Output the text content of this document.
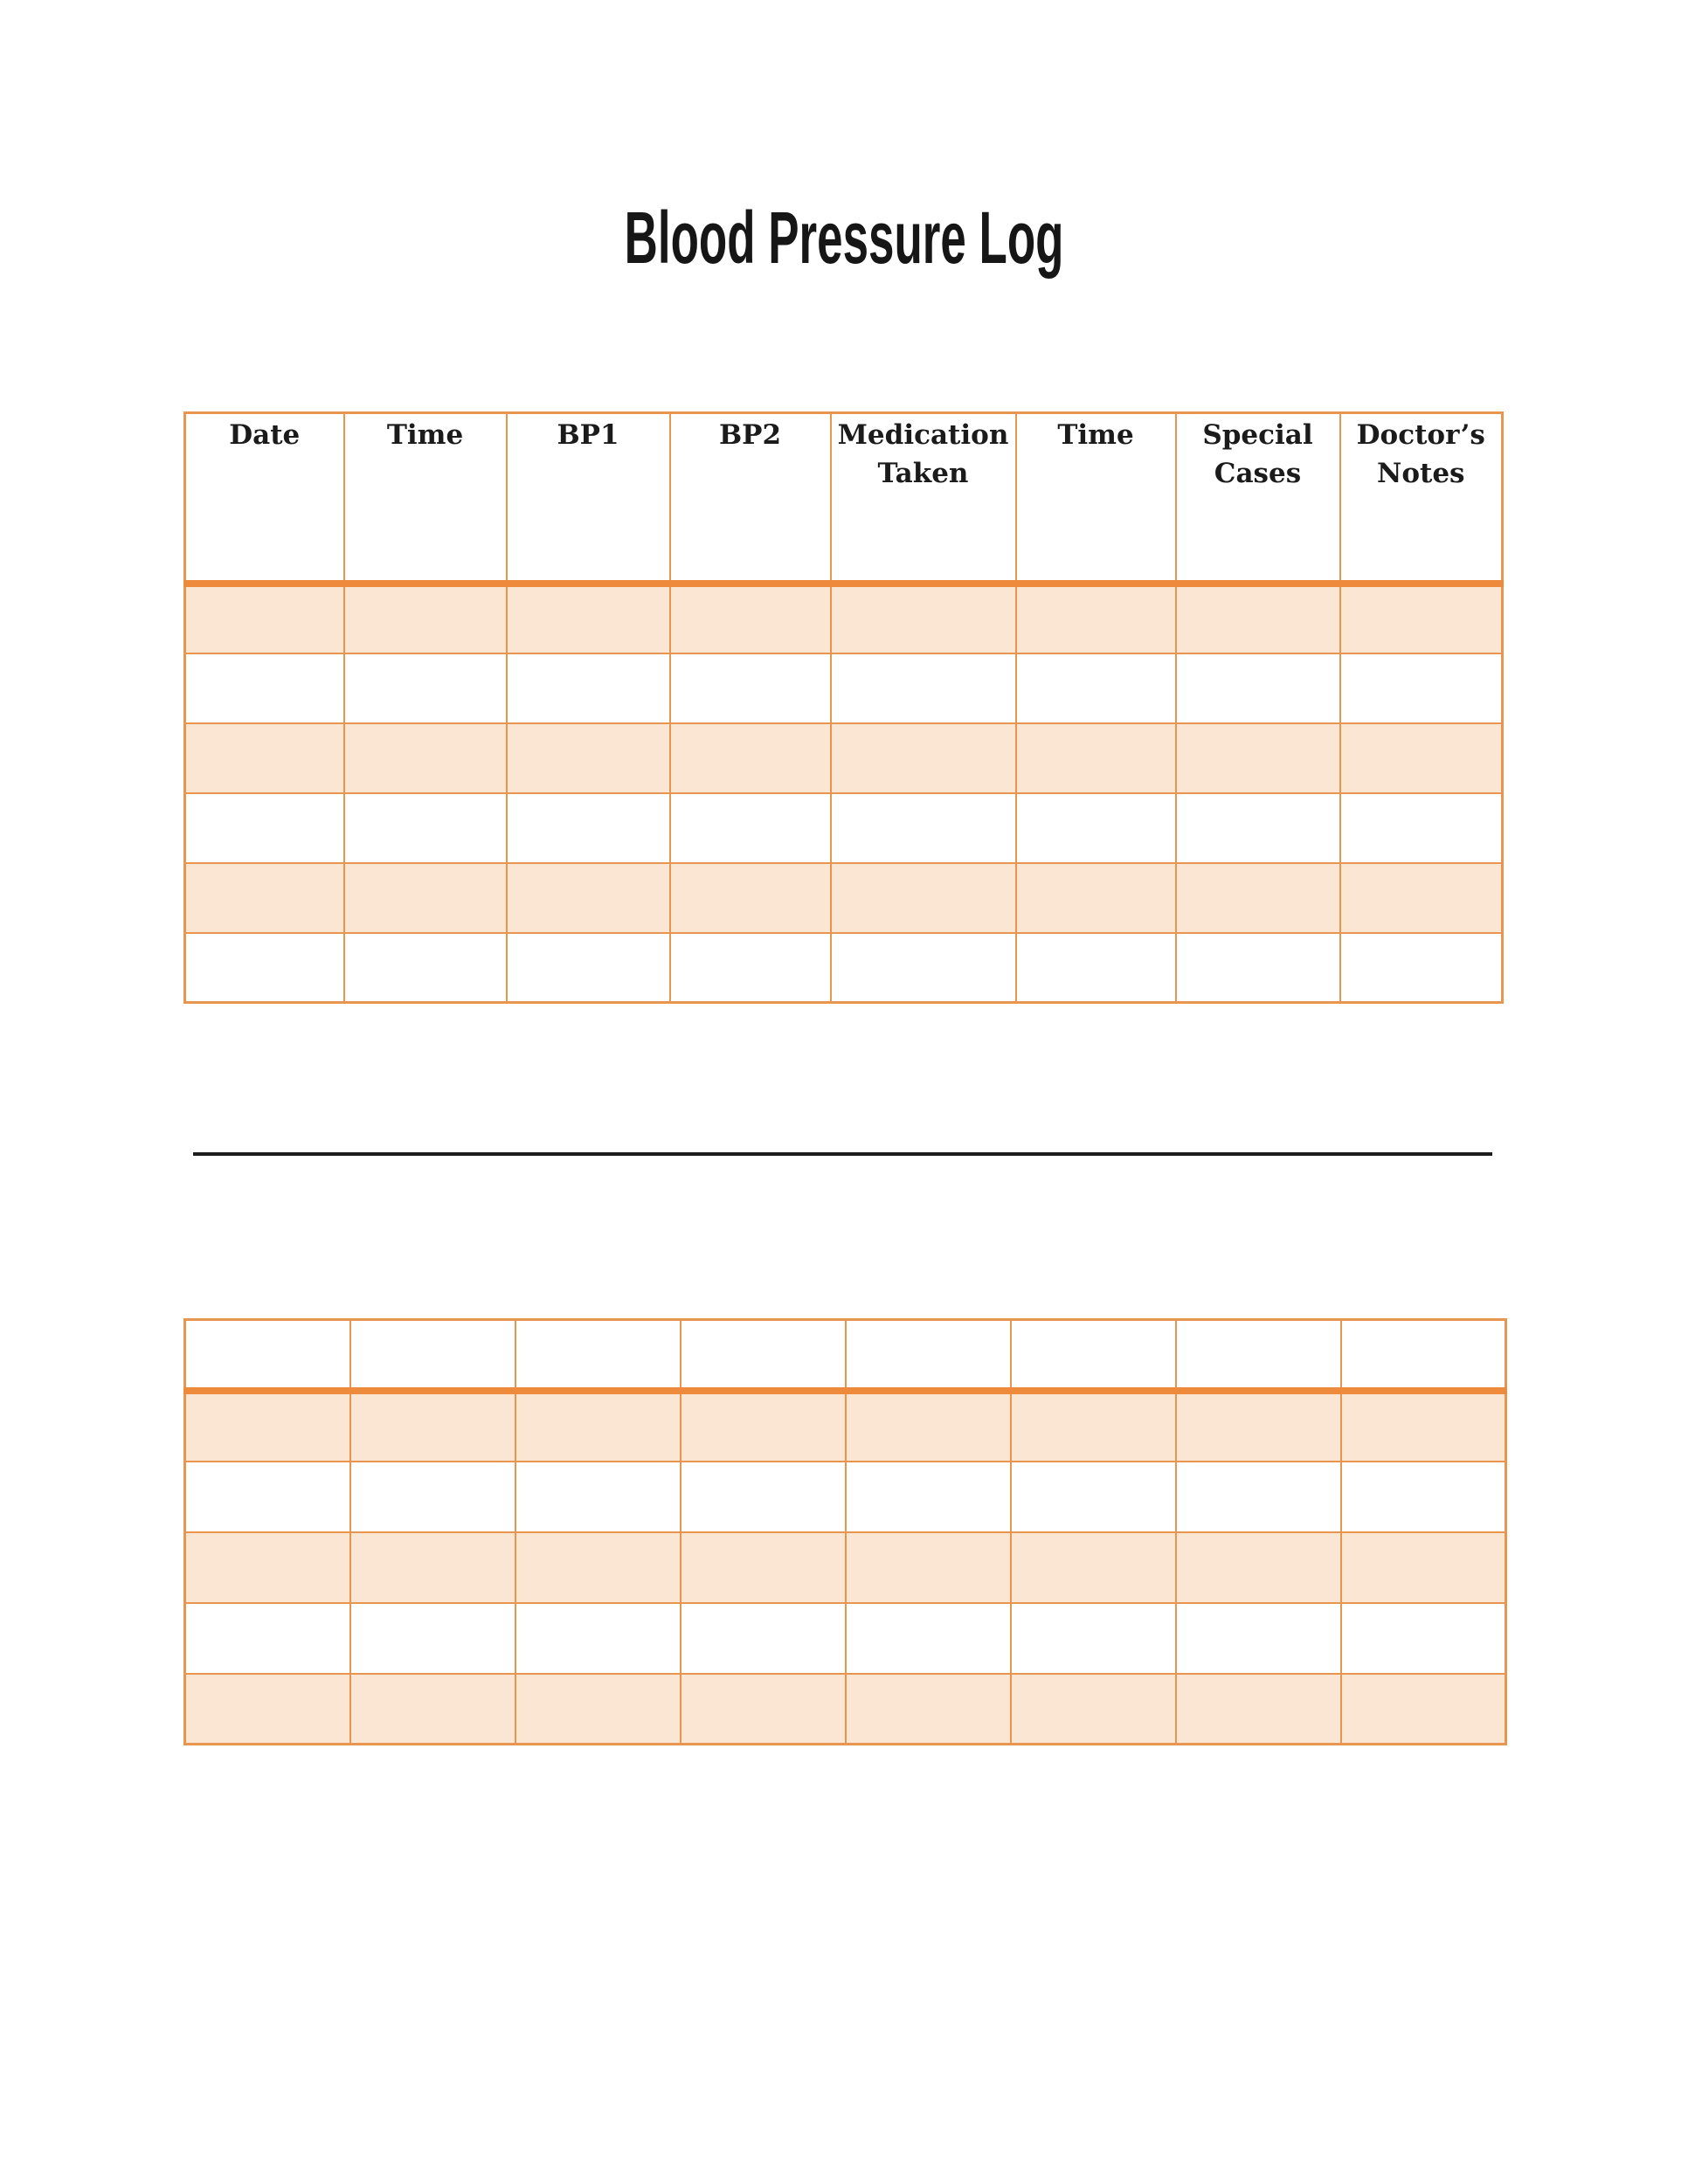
Blood Pressure Log
Date	Time	BP1	BP2	Medication Taken	Time	Special Cases	Doctor’s Notes
